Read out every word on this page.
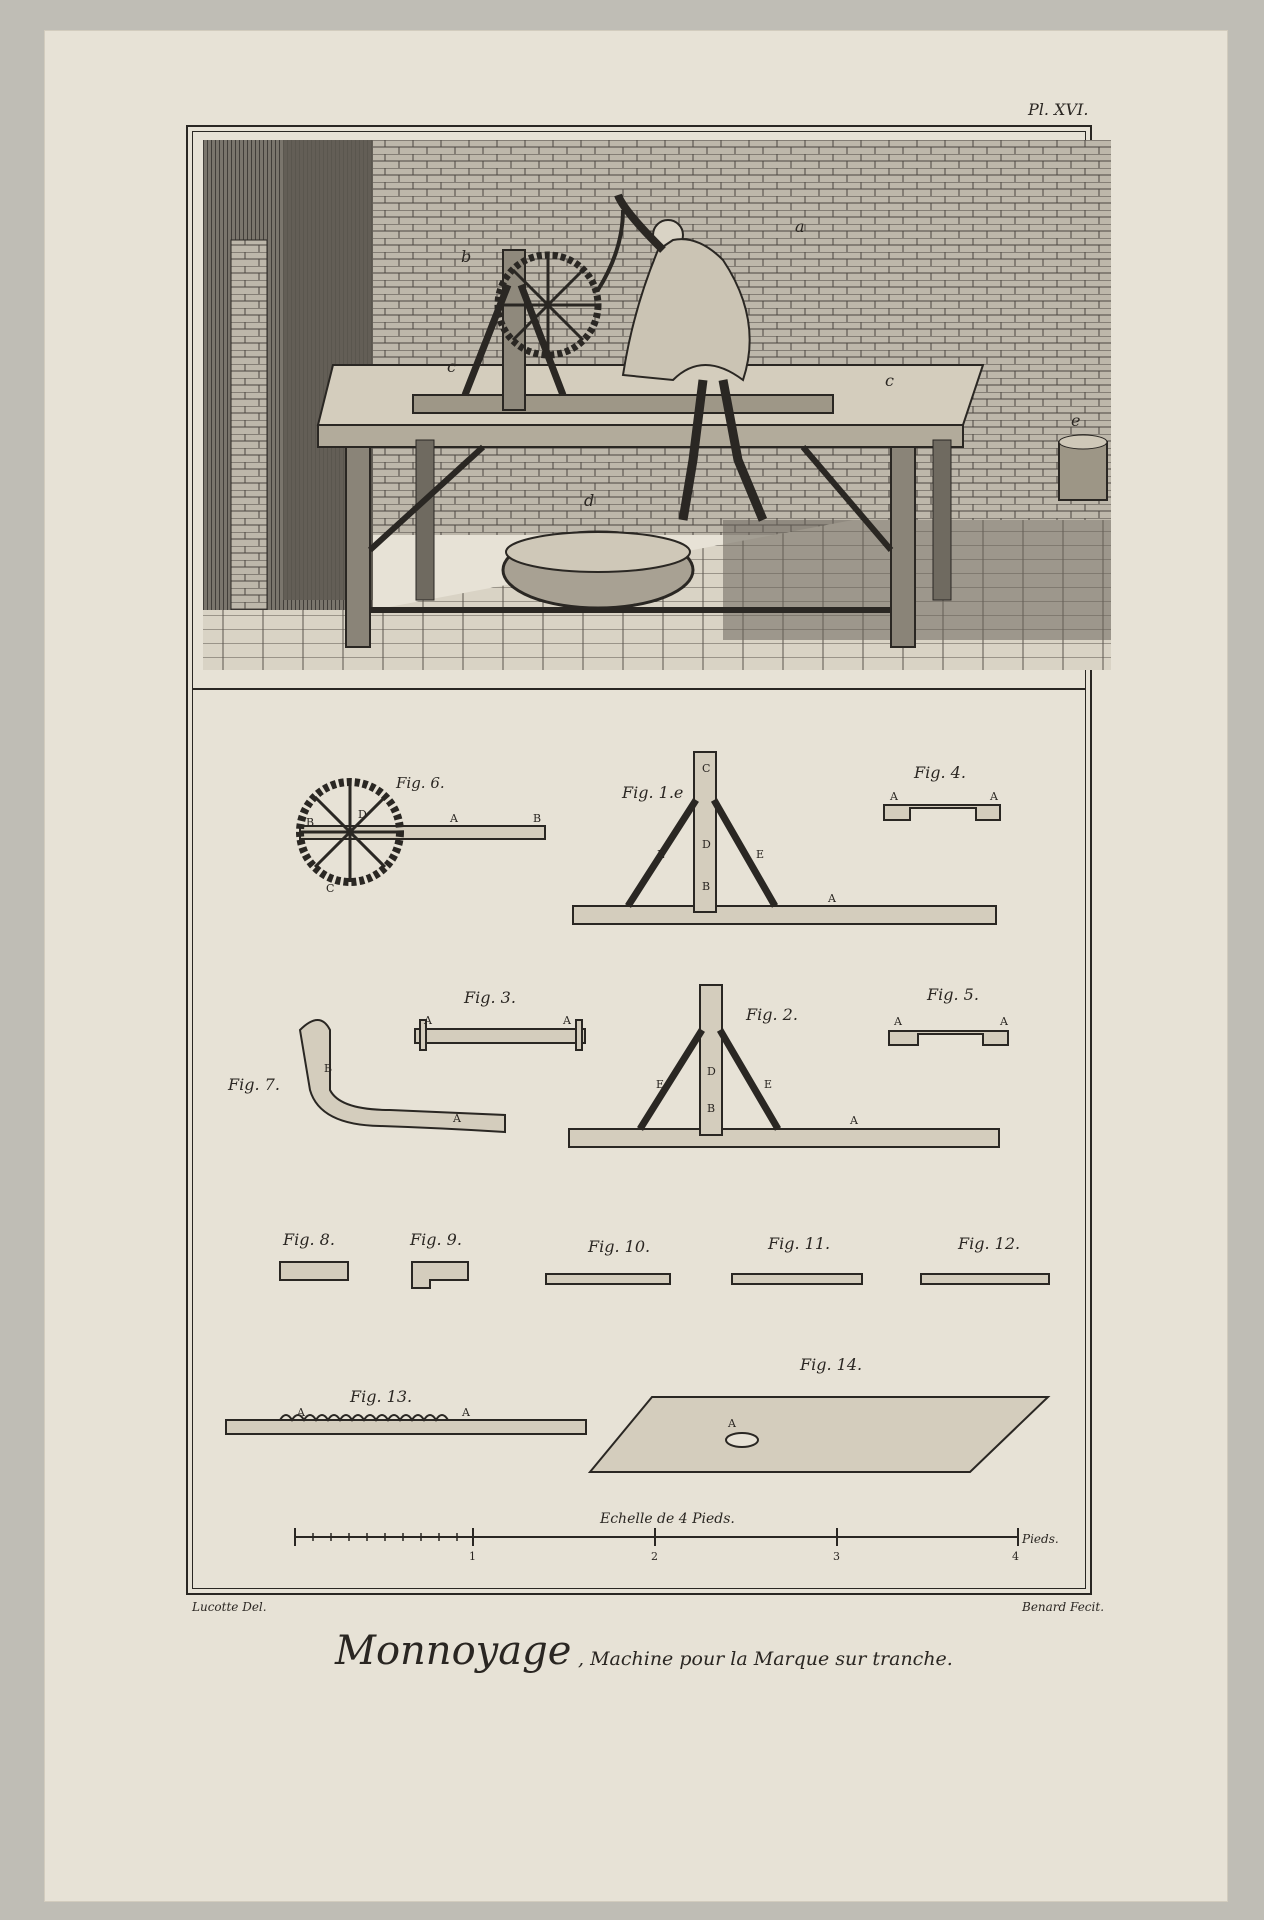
Pl. XVI.
a
b
c
c
d
e
Fig. 6.	Fig. 1.e
Fig. 4.
Fig. 3.
Fig. 2.
Fig. 5.
Fig. 7.
Fig. 8.	Fig. 9.	Fig. 10.	Fig. 11.	Fig. 12.
Fig. 13.
Fig. 14.
B
D	A	B
C
C
E
D
E
B
A
A	A
A	A	A	A
E
D
E
B
A
B
A
A	A
A
Echelle de 4 Pieds.
Pieds.
1	2	3	4
Lucotte Del.	Benard Fecit.
Monnoyage , Machine pour la Marque sur tranche.
